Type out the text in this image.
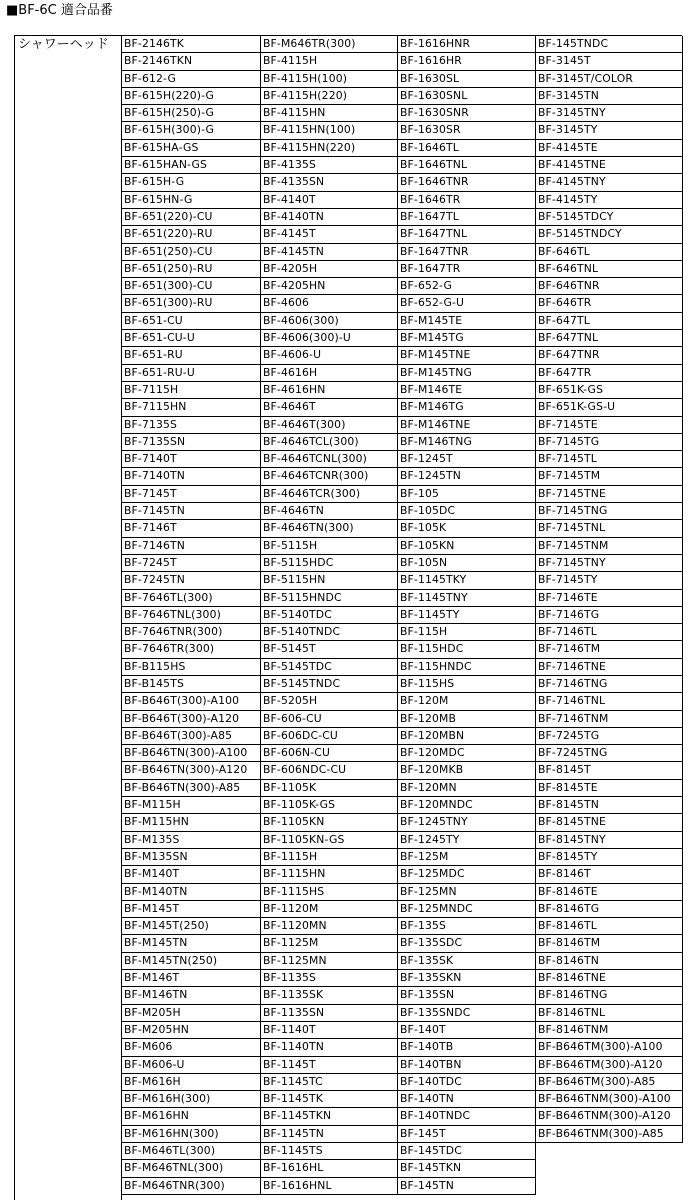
■BF-6C 適合品番
シャワーヘッド	BF-2146TK
BF-2146TKN
BF-612-G
BF-615H(220)-G
BF-615H(250)-G
BF-615H(300)-G
BF-615HA-GS
BF-615HAN-GS
BF-615H-G
BF-615HN-G
BF-651(220)-CU
BF-651(220)-RU
BF-651(250)-CU
BF-651(250)-RU
BF-651(300)-CU
BF-651(300)-RU
BF-651-CU
BF-651-CU-U
BF-651-RU
BF-651-RU-U
BF-7115H
BF-7115HN
BF-7135S
BF-7135SN
BF-7140T
BF-7140TN
BF-7145T
BF-7145TN
BF-7146T
BF-7146TN
BF-7245T
BF-7245TN
BF-7646TL(300)
BF-7646TNL(300)
BF-7646TNR(300)
BF-7646TR(300)
BF-B115HS
BF-B145TS
BF-B646T(300)-A100
BF-B646T(300)-A120
BF-B646T(300)-A85
BF-B646TN(300)-A100
BF-B646TN(300)-A120
BF-B646TN(300)-A85
BF-M115H
BF-M115HN
BF-M135S
BF-M135SN
BF-M140T
BF-M140TN
BF-M145T
BF-M145T(250)
BF-M145TN
BF-M145TN(250)
BF-M146T
BF-M146TN
BF-M205H
BF-M205HN
BF-M606
BF-M606-U
BF-M616H
BF-M616H(300)
BF-M616HN
BF-M616HN(300)
BF-M646TL(300)
BF-M646TNL(300)
BF-M646TNR(300)
BF-M646TR(300)
BF-4115H
BF-4115H(100)
BF-4115H(220)
BF-4115HN
BF-4115HN(100)
BF-4115HN(220)
BF-4135S
BF-4135SN
BF-4140T
BF-4140TN
BF-4145T
BF-4145TN
BF-4205H
BF-4205HN
BF-4606
BF-4606(300)
BF-4606(300)-U
BF-4606-U
BF-4616H
BF-4616HN
BF-4646T
BF-4646T(300)
BF-4646TCL(300)
BF-4646TCNL(300)
BF-4646TCNR(300)
BF-4646TCR(300)
BF-4646TN
BF-4646TN(300)
BF-5115H
BF-5115HDC
BF-5115HN
BF-5115HNDC
BF-5140TDC
BF-5140TNDC
BF-5145T
BF-5145TDC
BF-5145TNDC
BF-5205H
BF-606-CU
BF-606DC-CU
BF-606N-CU
BF-606NDC-CU
BF-1105K
BF-1105K-GS
BF-1105KN
BF-1105KN-GS
BF-1115H
BF-1115HN
BF-1115HS
BF-1120M
BF-1120MN
BF-1125M
BF-1125MN
BF-1135S
BF-1135SK
BF-1135SN
BF-1140T
BF-1140TN
BF-1145T
BF-1145TC
BF-1145TK
BF-1145TKN
BF-1145TN
BF-1145TS
BF-1616HL
BF-1616HNL
BF-1616HNR
BF-1616HR
BF-1630SL
BF-1630SNL
BF-1630SNR
BF-1630SR
BF-1646TL
BF-1646TNL
BF-1646TNR
BF-1646TR
BF-1647TL
BF-1647TNL
BF-1647TNR
BF-1647TR
BF-652-G
BF-652-G-U
BF-M145TE
BF-M145TG
BF-M145TNE
BF-M145TNG
BF-M146TE
BF-M146TG
BF-M146TNE
BF-M146TNG
BF-1245T
BF-1245TN
BF-105
BF-105DC
BF-105K
BF-105KN
BF-105N
BF-1145TKY
BF-1145TNY
BF-1145TY
BF-115H
BF-115HDC
BF-115HNDC
BF-115HS
BF-120M
BF-120MB
BF-120MBN
BF-120MDC
BF-120MKB
BF-120MN
BF-120MNDC
BF-1245TNY
BF-1245TY
BF-125M
BF-125MDC
BF-125MN
BF-125MNDC
BF-135S
BF-135SDC
BF-135SK
BF-135SKN
BF-135SN
BF-135SNDC
BF-140T
BF-140TB
BF-140TBN
BF-140TDC
BF-140TN
BF-140TNDC
BF-145T
BF-145TDC
BF-145TKN
BF-145TN
BF-145TNDC
BF-3145T
BF-3145T/COLOR
BF-3145TN
BF-3145TNY
BF-3145TY
BF-4145TE
BF-4145TNE
BF-4145TNY
BF-4145TY
BF-5145TDCY
BF-5145TNDCY
BF-646TL
BF-646TNL
BF-646TNR
BF-646TR
BF-647TL
BF-647TNL
BF-647TNR
BF-647TR
BF-651K-GS
BF-651K-GS-U
BF-7145TE
BF-7145TG
BF-7145TL
BF-7145TM
BF-7145TNE
BF-7145TNG
BF-7145TNL
BF-7145TNM
BF-7145TNY
BF-7145TY
BF-7146TE
BF-7146TG
BF-7146TL
BF-7146TM
BF-7146TNE
BF-7146TNG
BF-7146TNL
BF-7146TNM
BF-7245TG
BF-7245TNG
BF-8145T
BF-8145TE
BF-8145TN
BF-8145TNE
BF-8145TNY
BF-8145TY
BF-8146T
BF-8146TE
BF-8146TG
BF-8146TL
BF-8146TM
BF-8146TN
BF-8146TNE
BF-8146TNG
BF-8146TNL
BF-8146TNM
BF-B646TM(300)-A100
BF-B646TM(300)-A120
BF-B646TM(300)-A85
BF-B646TNM(300)-A100
BF-B646TNM(300)-A120
BF-B646TNM(300)-A85
